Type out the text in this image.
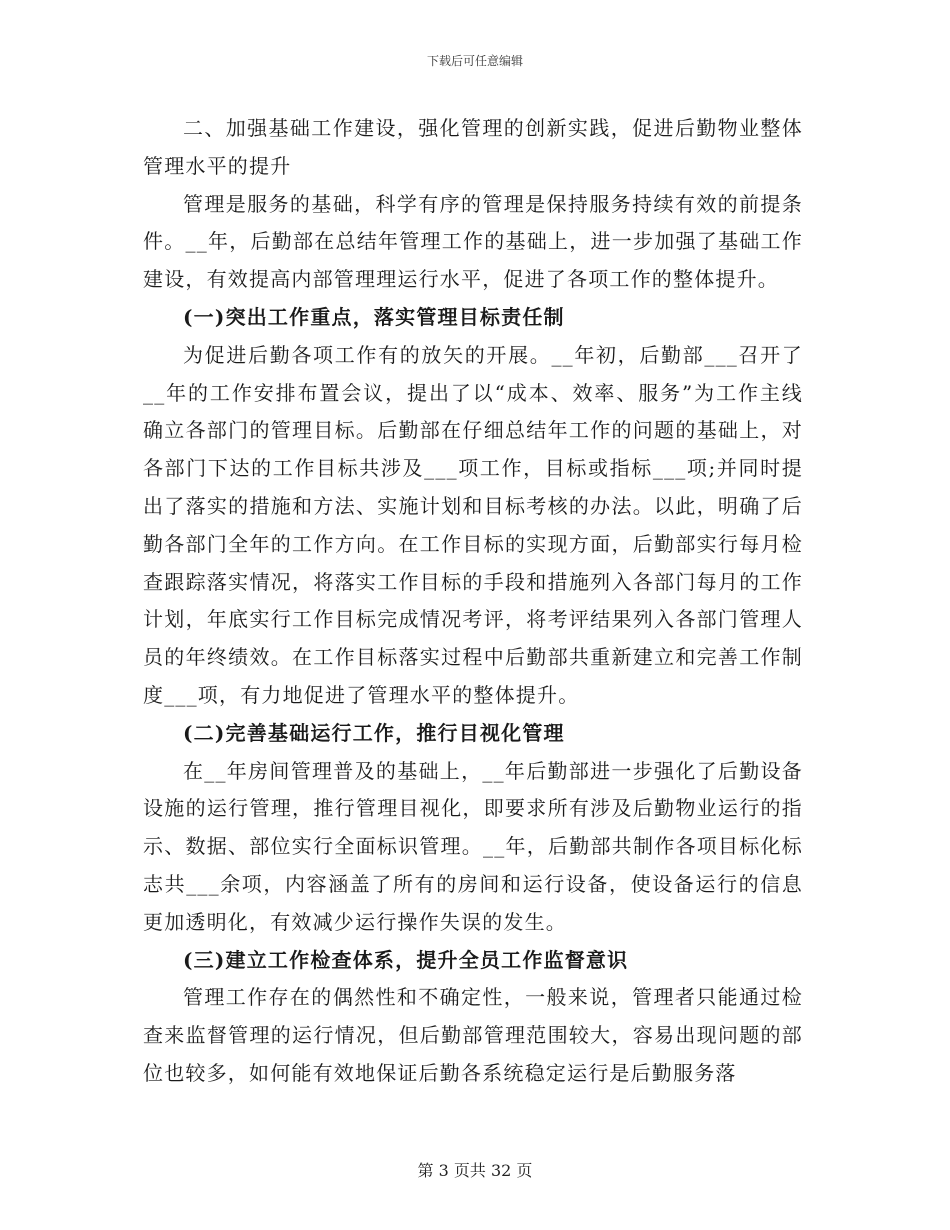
下载后可任意编辑

二、加强基础工作建设，强化管理的创新实践，促进后勤物业整体管理水平的提升

管理是服务的基础，科学有序的管理是保持服务持续有效的前提条件。__年，后勤部在总结年管理工作的基础上，进一步加强了基础工作建设，有效提高内部管理理运行水平，促进了各项工作的整体提升。

(一)突出工作重点，落实管理目标责任制

为促进后勤各项工作有的放矢的开展。__年初，后勤部___召开了__年的工作安排布置会议，提出了以“成本、效率、服务”为工作主线确立各部门的管理目标。后勤部在仔细总结年工作的问题的基础上，对各部门下达的工作目标共涉及___项工作，目标或指标___项;并同时提出了落实的措施和方法、实施计划和目标考核的办法。以此，明确了后勤各部门全年的工作方向。在工作目标的实现方面，后勤部实行每月检查跟踪落实情况，将落实工作目标的手段和措施列入各部门每月的工作计划，年底实行工作目标完成情况考评，将考评结果列入各部门管理人员的年终绩效。在工作目标落实过程中后勤部共重新建立和完善工作制度___项，有力地促进了管理水平的整体提升。

(二)完善基础运行工作，推行目视化管理

在__年房间管理普及的基础上，__年后勤部进一步强化了后勤设备设施的运行管理，推行管理目视化，即要求所有涉及后勤物业运行的指示、数据、部位实行全面标识管理。__年，后勤部共制作各项目标化标志共___余项，内容涵盖了所有的房间和运行设备，使设备运行的信息更加透明化，有效减少运行操作失误的发生。

(三)建立工作检查体系，提升全员工作监督意识

管理工作存在的偶然性和不确定性，一般来说，管理者只能通过检查来监督管理的运行情况，但后勤部管理范围较大，容易出现问题的部位也较多，如何能有效地保证后勤各系统稳定运行是后勤服务落

第 3 页共 32 页
